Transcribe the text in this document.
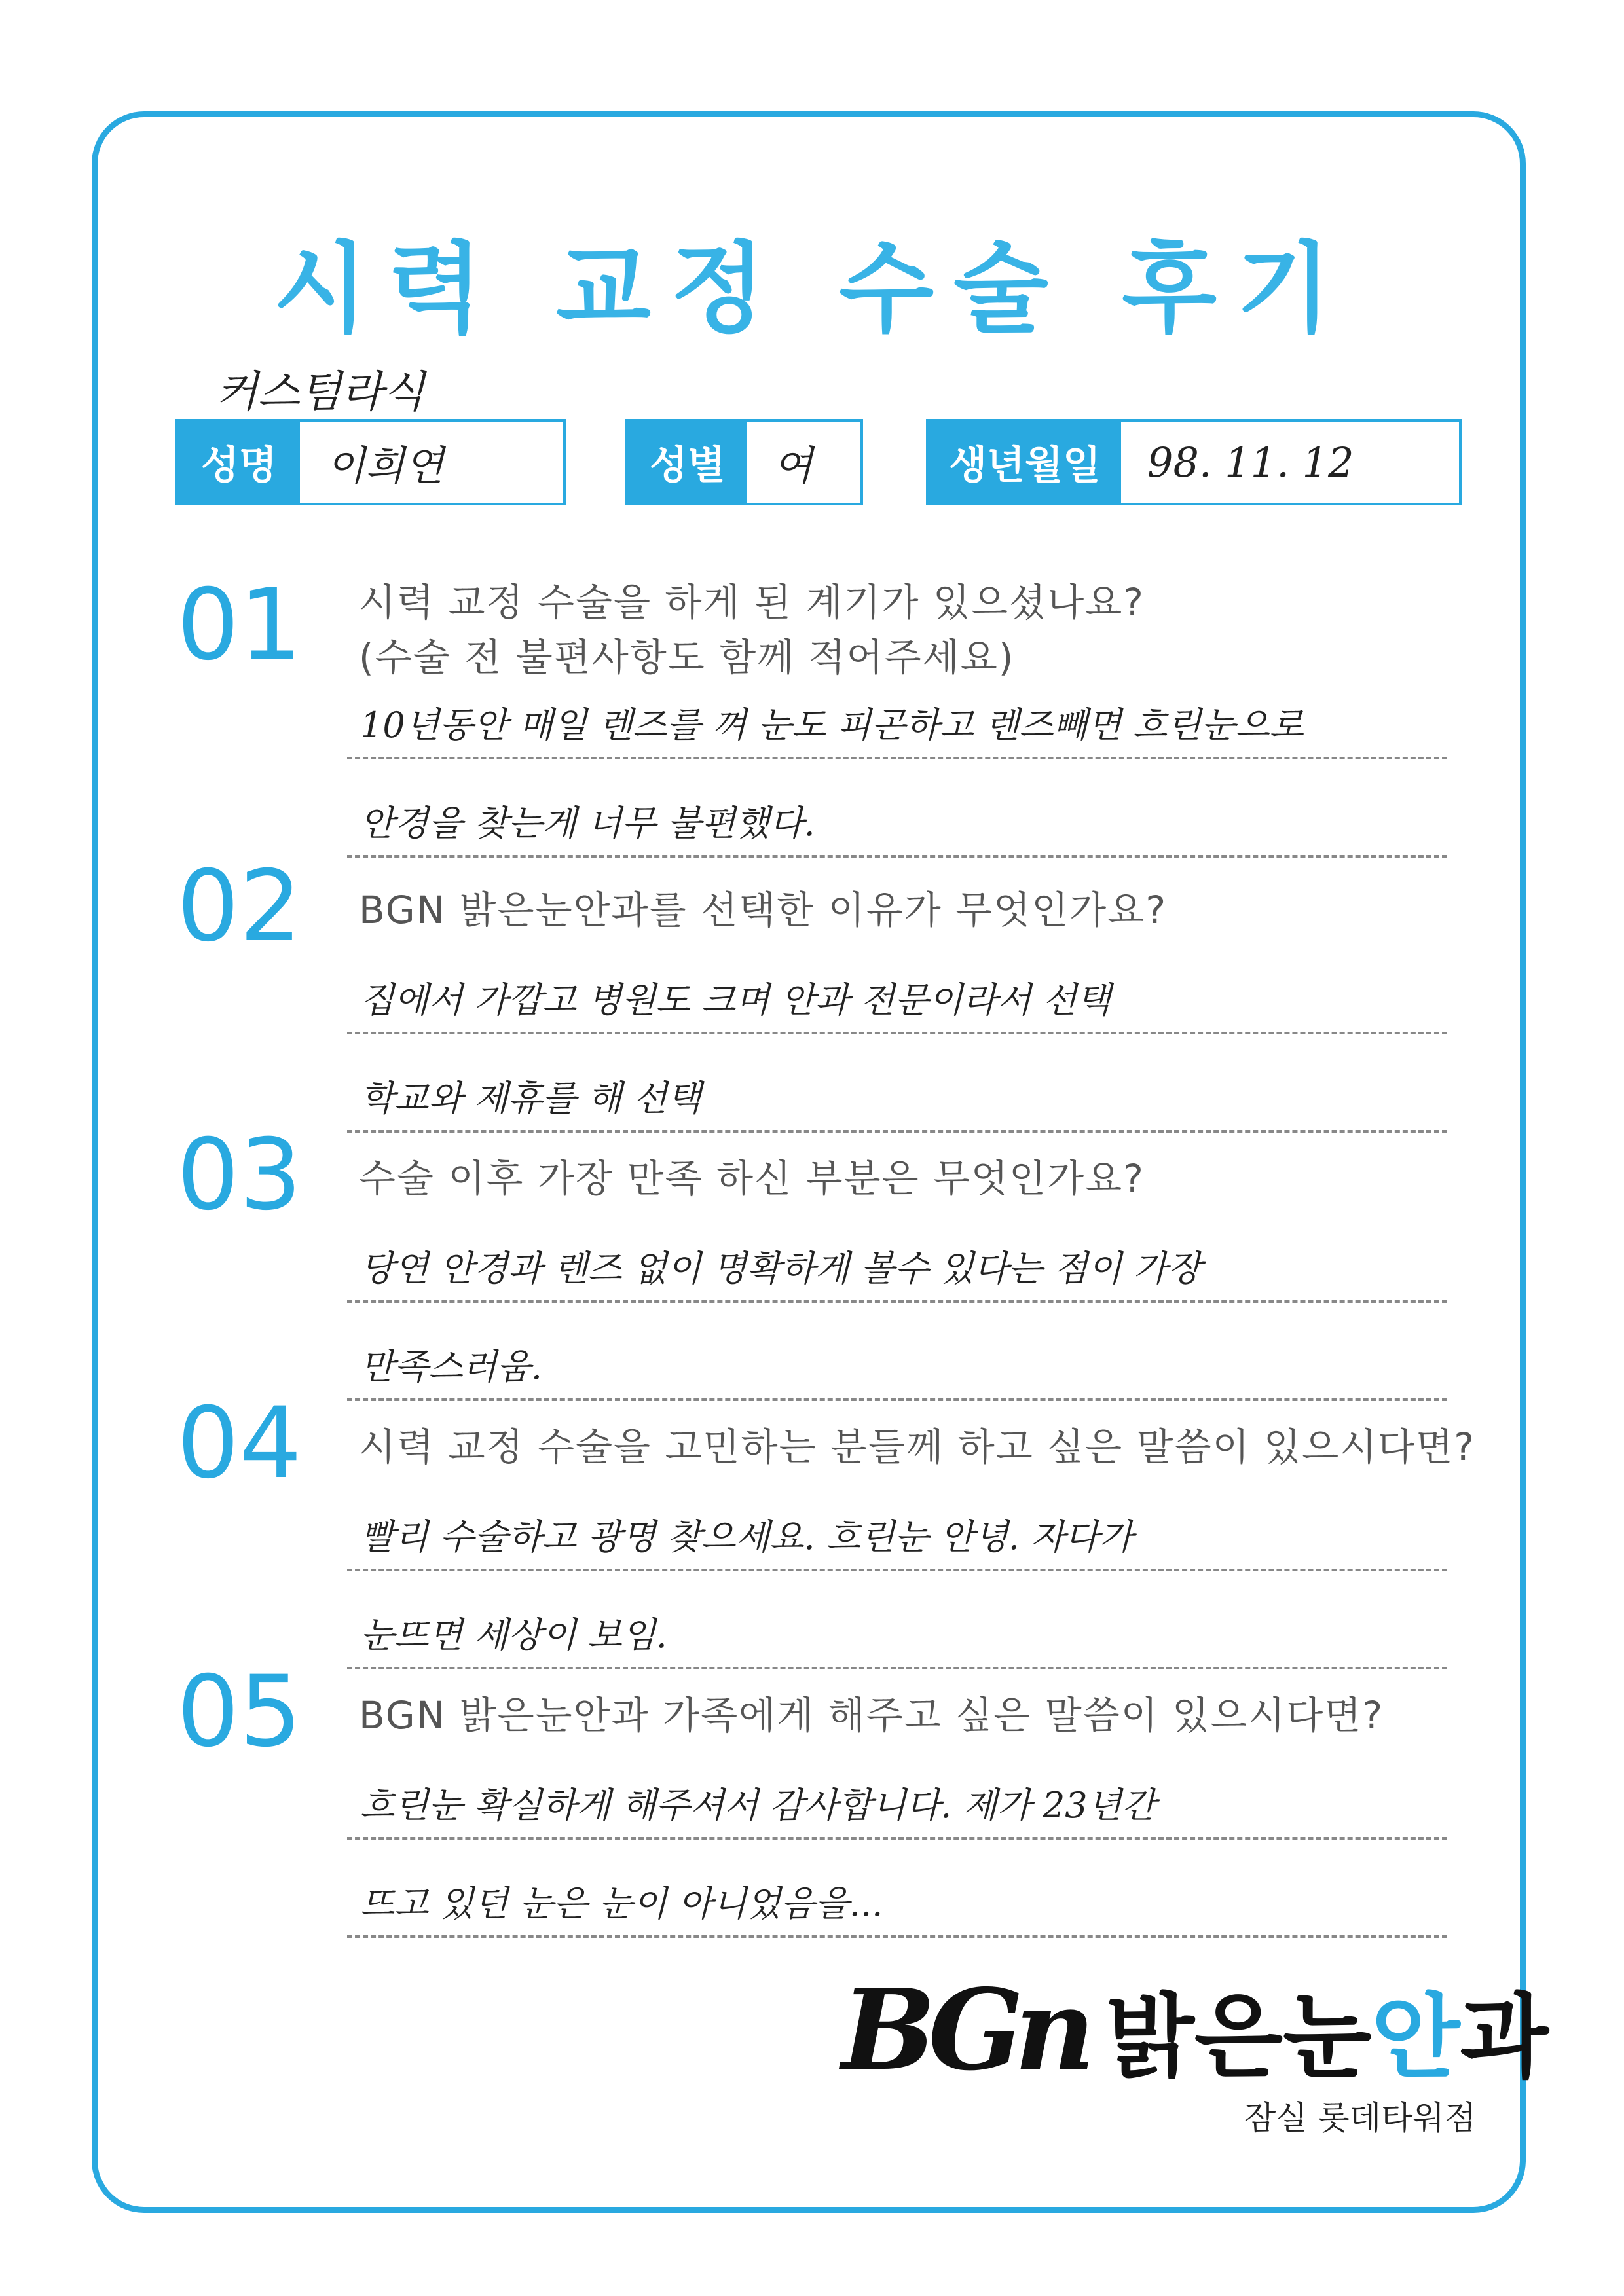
시력 교정 수술 후기
커스텀라식
성명	이희연	성별	여	생년월일	98. 11. 12
01 시력 교정 수술을 하게 된 계기가 있으셨나요?
(수술 전 불편사항도 함께 적어주세요)
10년동안 매일 렌즈를 껴 눈도 피곤하고 렌즈빼면 흐린눈으로
안경을 찾는게 너무 불편했다.
02 BGN 밝은눈안과를 선택한 이유가 무엇인가요?
집에서 가깝고 병원도 크며 안과 전문이라서 선택
학교와 제휴를 해 선택
03 수술 이후 가장 만족 하신 부분은 무엇인가요?
당연 안경과 렌즈 없이 명확하게 볼수 있다는 점이 가장
만족스러움.
04 시력 교정 수술을 고민하는 분들께 하고 싶은 말씀이 있으시다면?
빨리 수술하고 광명 찾으세요. 흐린눈 안녕. 자다가
눈뜨면 세상이 보임.
05 BGN 밝은눈안과 가족에게 해주고 싶은 말씀이 있으시다면?
흐린눈 확실하게 해주셔서 감사합니다. 제가 23년간
뜨고 있던 눈은 눈이 아니었음을...
BGn 밝은눈안과
잠실 롯데타워점
